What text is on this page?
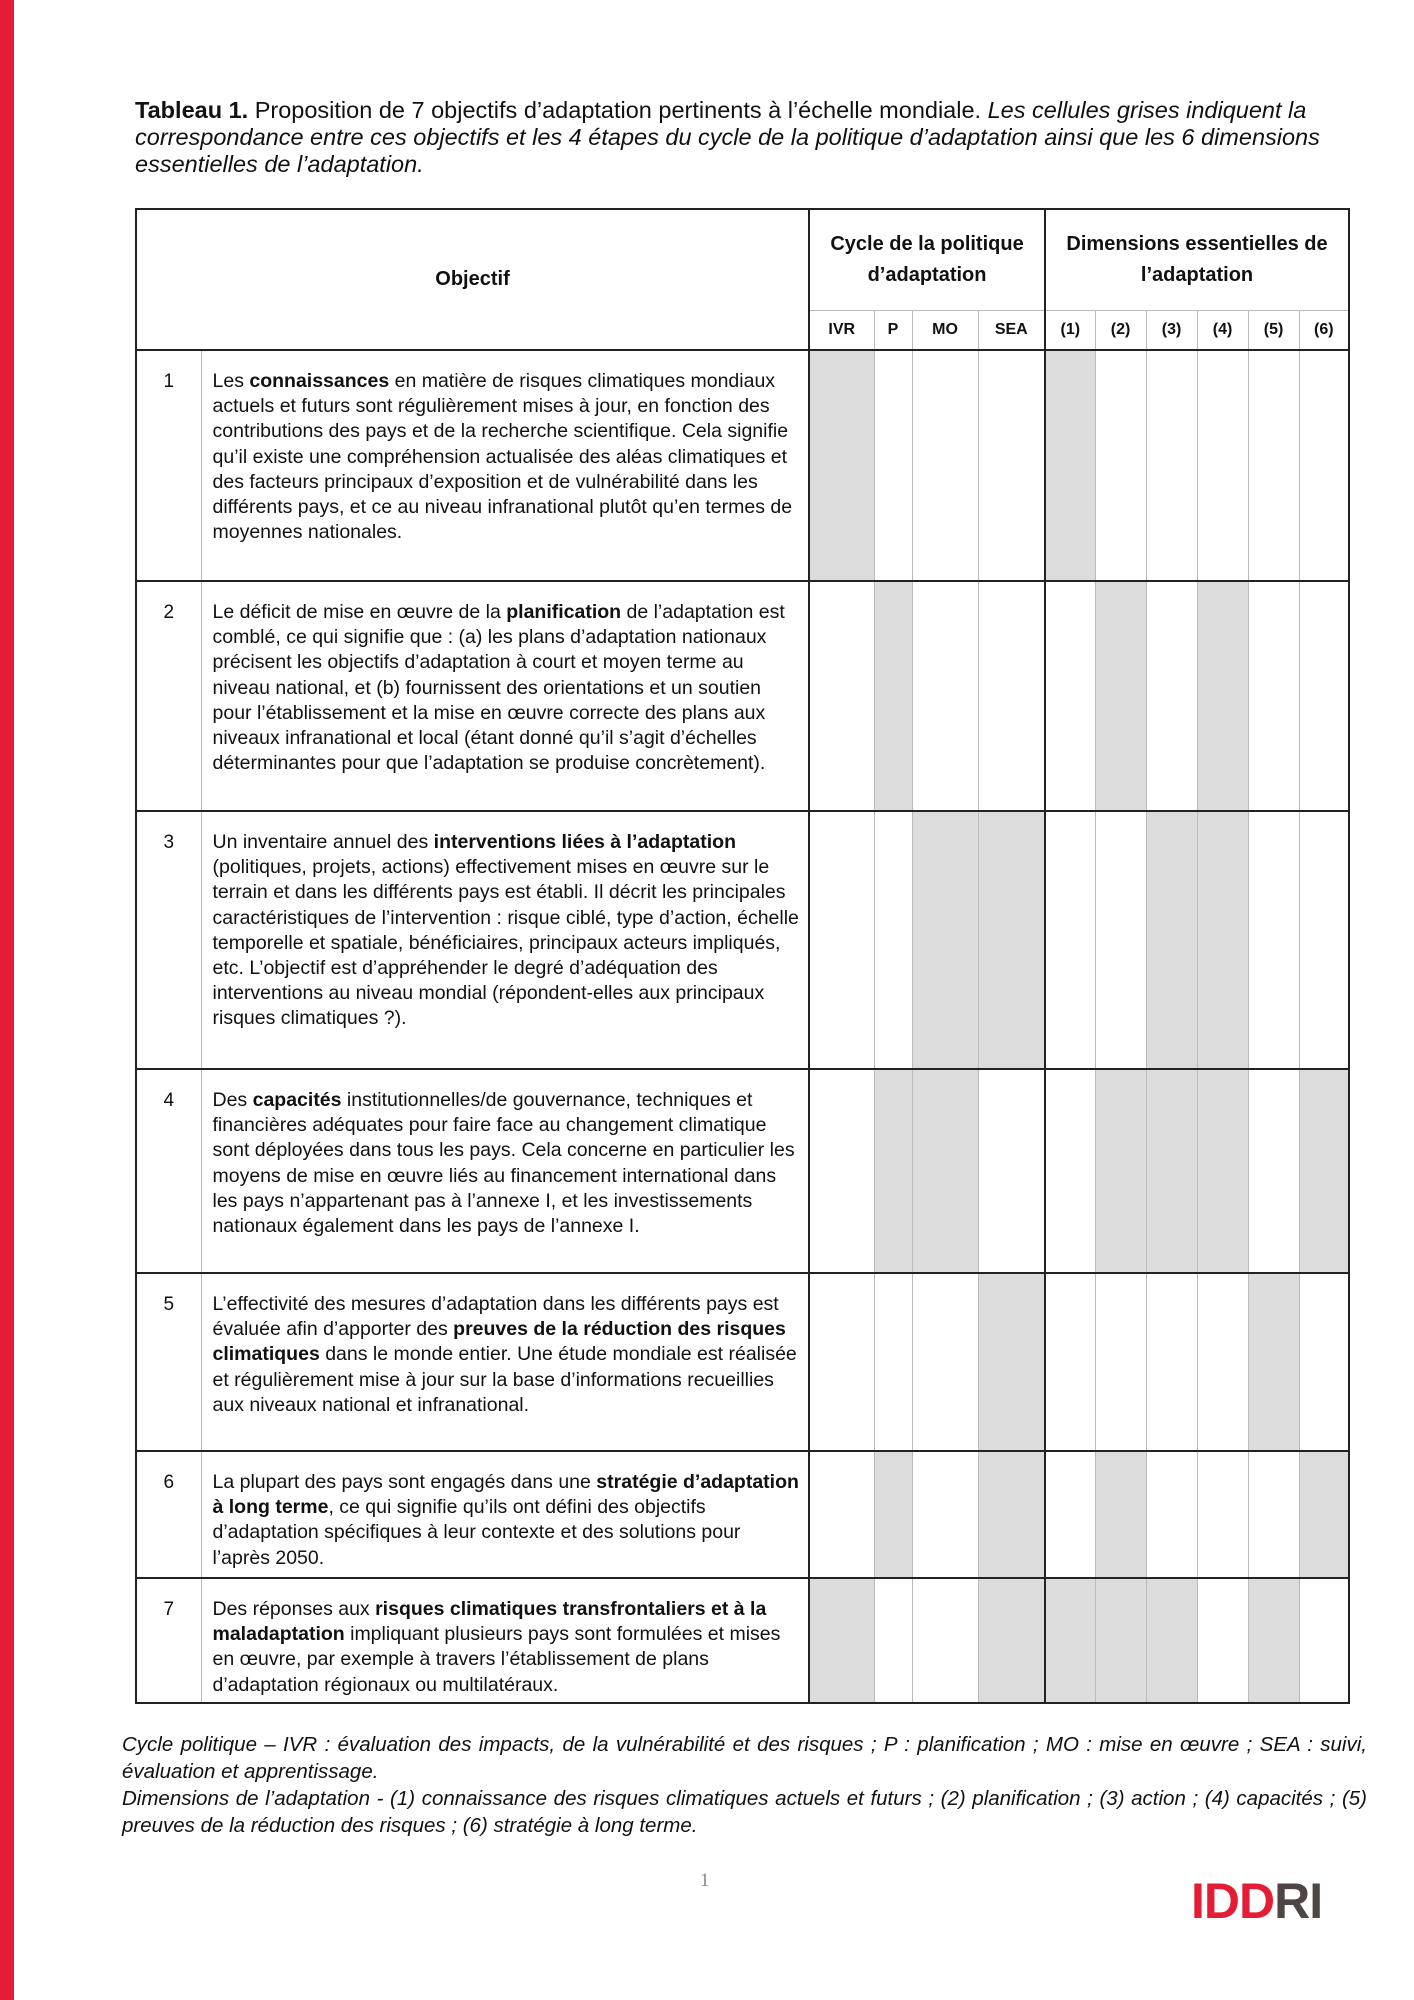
Tableau 1. Proposition de 7 objectifs d’adaptation pertinents à l’échelle mondiale. Les cellules grises indiquent la correspondance entre ces objectifs et les 4 étapes du cycle de la politique d’adaptation ainsi que les 6 dimensions essentielles de l’adaptation.
Objectif		Cycle de la politique d’adaptation				Dimensions essentielles de l’adaptation					
		IVR	P	MO	SEA	(1)	(2)	(3)	(4)	(5)	(6)
1	Les connaissances en matière de risques climatiques mondiaux actuels et futurs sont régulièrement mises à jour, en fonction des contributions des pays et de la recherche scientifique. Cela signifie qu’il existe une compréhension actualisée des aléas climatiques et des facteurs principaux d’exposition et de vulnérabilité dans les différents pays, et ce au niveau infranational plutôt qu’en termes de moyennes nationales.										
2	Le déficit de mise en œuvre de la planification de l’adaptation est comblé, ce qui signifie que : (a) les plans d’adaptation nationaux précisent les objectifs d’adaptation à court et moyen terme au niveau national, et (b) fournissent des orientations et un soutien pour l’établissement et la mise en œuvre correcte des plans aux niveaux infranational et local (étant donné qu’il s’agit d’échelles déterminantes pour que l’adaptation se produise concrètement).										
3	Un inventaire annuel des interventions liées à l’adaptation (politiques, projets, actions) effectivement mises en œuvre sur le terrain et dans les différents pays est établi. Il décrit les principales caractéristiques de l’intervention : risque ciblé, type d’action, échelle temporelle et spatiale, bénéficiaires, principaux acteurs impliqués, etc. L’objectif est d’appréhender le degré d’adéquation des interventions au niveau mondial (répondent-elles aux principaux risques climatiques ?).										
4	Des capacités institutionnelles/de gouvernance, techniques et financières adéquates pour faire face au changement climatique sont déployées dans tous les pays. Cela concerne en particulier les moyens de mise en œuvre liés au financement international dans les pays n’appartenant pas à l’annexe I, et les investissements nationaux également dans les pays de l’annexe I.										
5	L’effectivité des mesures d’adaptation dans les différents pays est évaluée afin d’apporter des preuves de la réduction des risques climatiques dans le monde entier. Une étude mondiale est réalisée et régulièrement mise à jour sur la base d’informations recueillies aux niveaux national et infranational.										
6	La plupart des pays sont engagés dans une stratégie d’adaptation à long terme, ce qui signifie qu’ils ont défini des objectifs d’adaptation spécifiques à leur contexte et des solutions pour l’après 2050.										
7	Des réponses aux risques climatiques transfrontaliers et à la maladaptation impliquant plusieurs pays sont formulées et mises en œuvre, par exemple à travers l’établissement de plans d’adaptation régionaux ou multilatéraux.										

Cycle politique – IVR : évaluation des impacts, de la vulnérabilité et des risques ; P : planification ; MO : mise en œuvre ; SEA : suivi, évaluation et apprentissage.

Dimensions de l’adaptation - (1) connaissance des risques climatiques actuels et futurs ; (2) planification ; (3) action ; (4) capacités ; (5) preuves de la réduction des risques ; (6) stratégie à long terme.

1	IDDRI
